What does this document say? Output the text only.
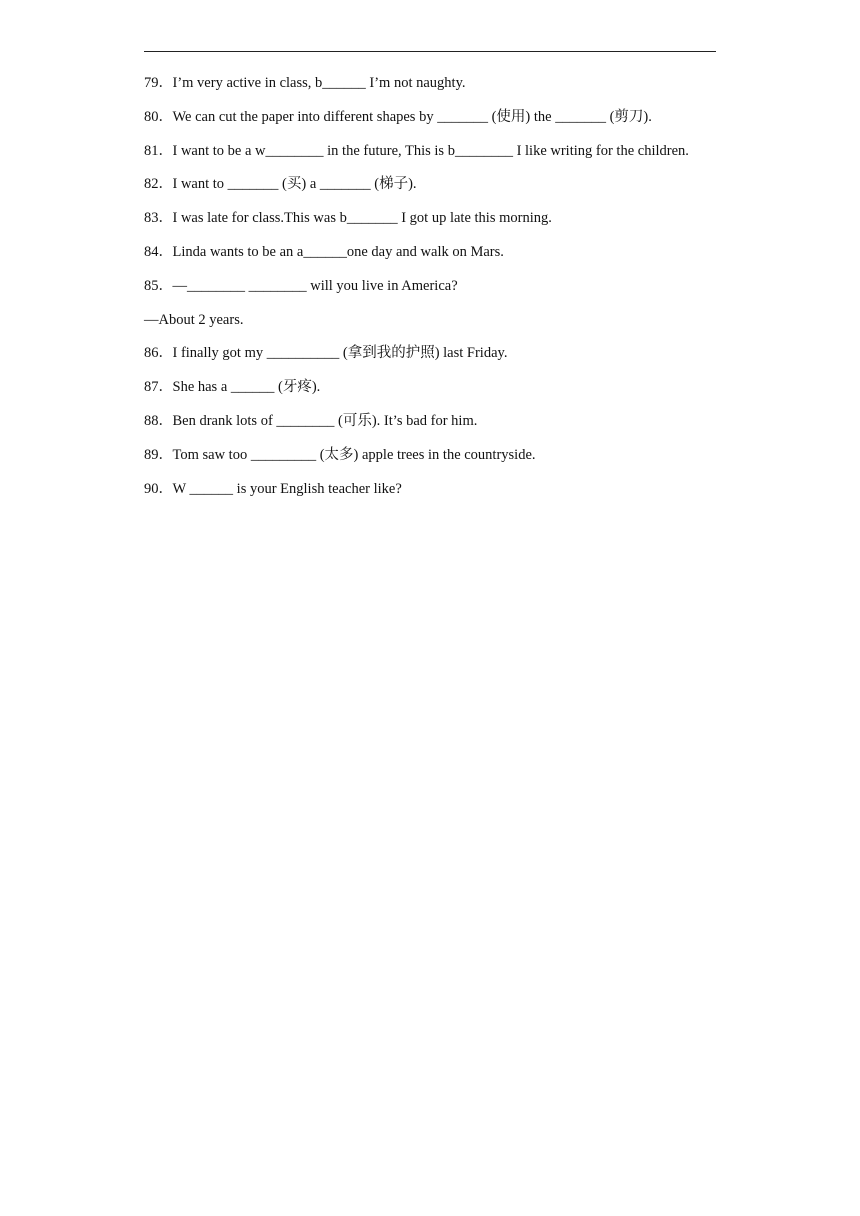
79．I’m very active in class, b______ I’m not naughty.
80．We can cut the paper into different shapes by _______ (使用) the _______ (剪刀).
81．I want to be a w________ in the future, This is b________ I like writing for the children.
82．I want to _______ (买) a _______ (梯子).
83．I was late for class.This was b_______ I got up late this morning.
84．Linda wants to be an a______one day and walk on Mars.
85．—________ ________ will you live in America?
—About 2 years.
86．I finally got my __________ (拿到我的护照) last Friday.
87．She has a ______ (牙疼).
88．Ben drank lots of ________ (可乐). It’s bad for him.
89．Tom saw too _________ (太多) apple trees in the countryside.
90．W ______ is your English teacher like?
